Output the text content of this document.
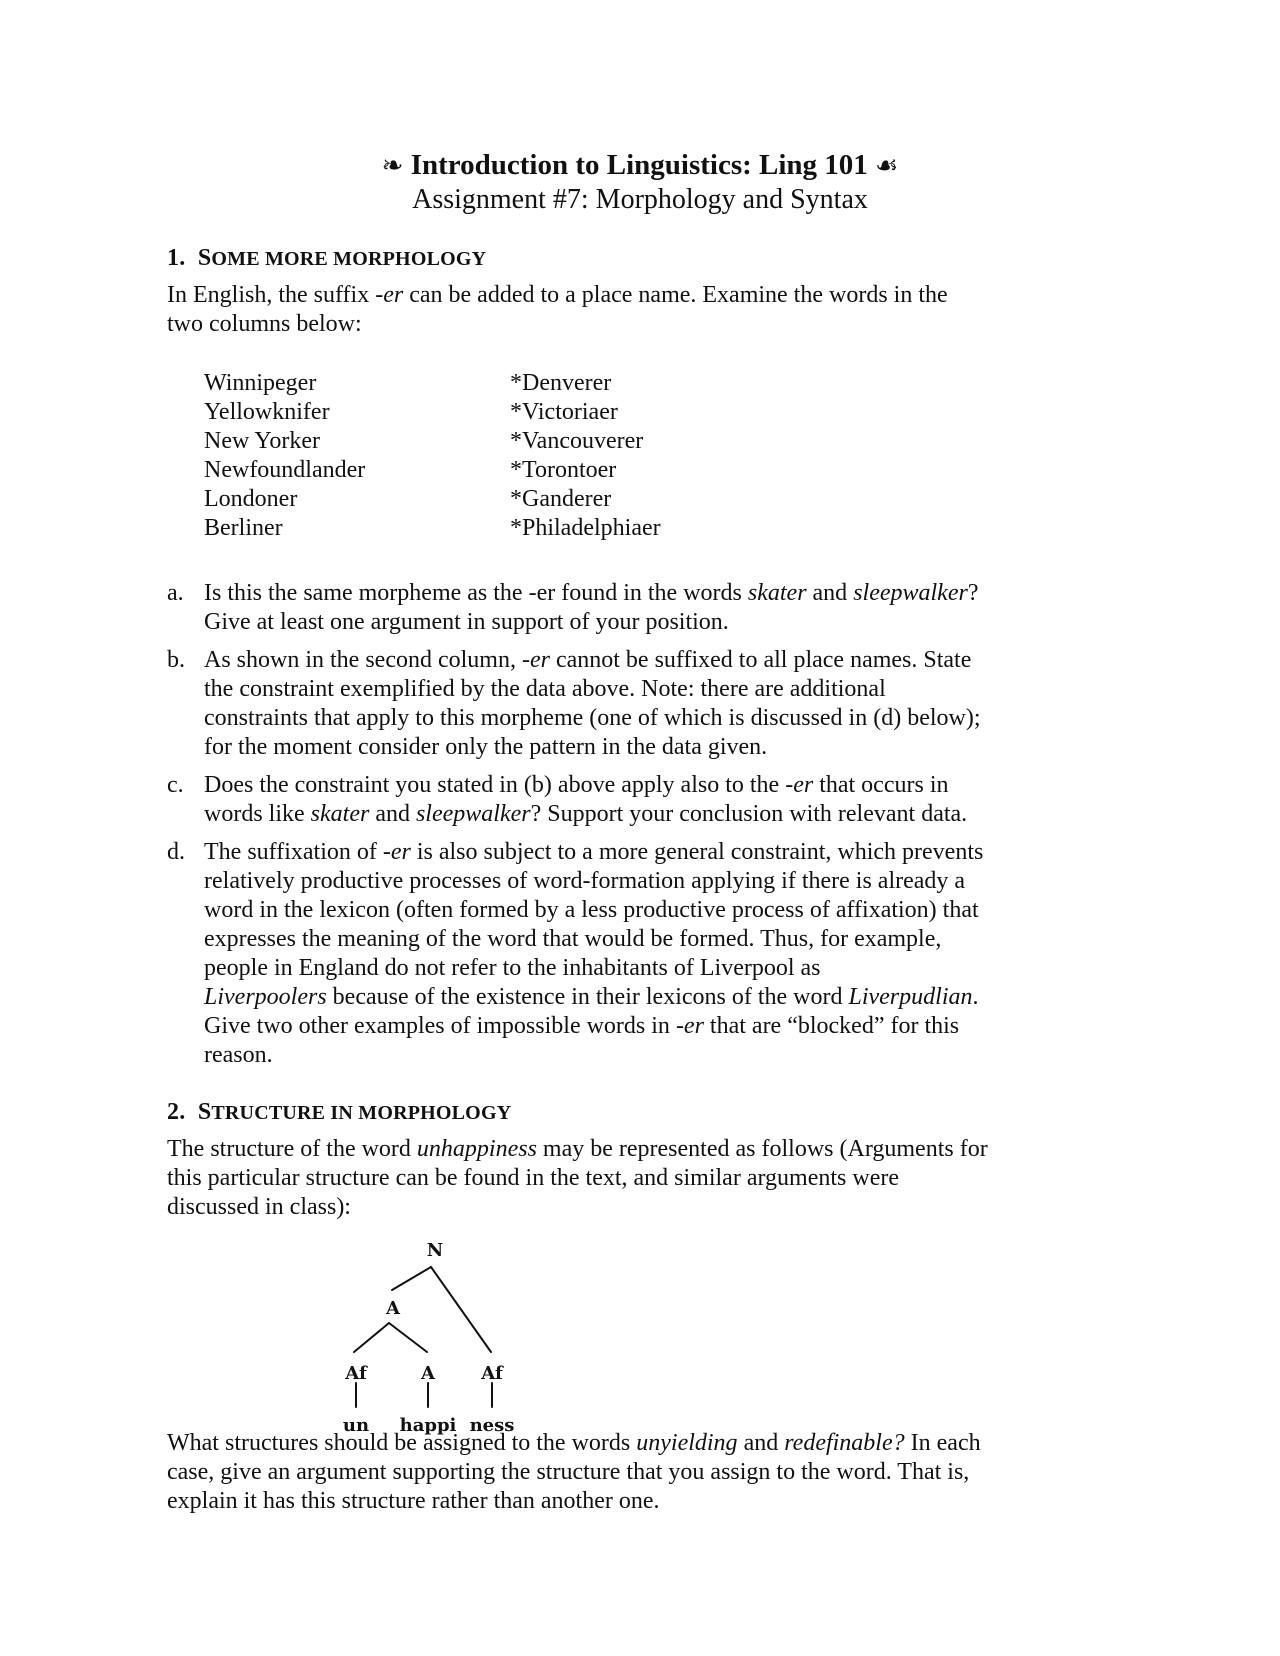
❧ Introduction to Linguistics: Ling 101 ☙

Assignment #7: Morphology and Syntax

1. SOME MORE MORPHOLOGY

In English, the suffix -er can be added to a place name. Examine the words in the

two columns below:

Winnipeger
Yellowknifer
New Yorker
Newfoundlander
Londoner
Berliner
*Denverer
*Victoriaer
*Vancouverer
*Torontoer
*Ganderer
*Philadelphiaer
a. Is this the same morpheme as the -er found in the words skater and sleepwalker?
Give at least one argument in support of your position.
b. As shown in the second column, -er cannot be suffixed to all place names. State
the constraint exemplified by the data above. Note: there are additional
constraints that apply to this morpheme (one of which is discussed in (d) below);
for the moment consider only the pattern in the data given.
c. Does the constraint you stated in (b) above apply also to the -er that occurs in
words like skater and sleepwalker? Support your conclusion with relevant data.
d. The suffixation of -er is also subject to a more general constraint, which prevents
relatively productive processes of word-formation applying if there is already a
word in the lexicon (often formed by a less productive process of affixation) that
expresses the meaning of the word that would be formed. Thus, for example,
people in England do not refer to the inhabitants of Liverpool as
Liverpoolers because of the existence in their lexicons of the word Liverpudlian.
Give two other examples of impossible words in -er that are “blocked” for this
reason.
2. STRUCTURE IN MORPHOLOGY
The structure of the word unhappiness may be represented as follows (Arguments for
this particular structure can be found in the text, and similar arguments were
discussed in class):
N
A
Af	A	Af
un happi ness
What structures should be assigned to the words unyielding and redefinable? In each
case, give an argument supporting the structure that you assign to the word. That is,
explain it has this structure rather than another one.
